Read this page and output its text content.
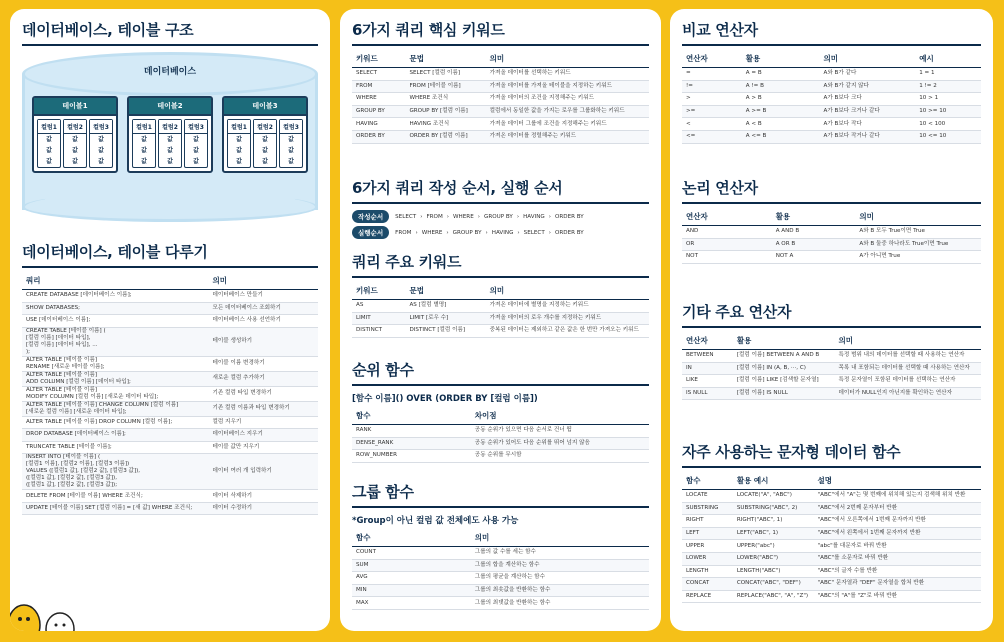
데이터베이스, 테이블 구조
데이터베이스
테이블1
컬럼1
값
값
값
컬럼2
값
값
값
컬럼3
값
값
값
테이블2
컬럼1
값
값
값
컬럼2
값
값
값
컬럼3
값
값
값
테이블3
컬럼1
값
값
값
컬럼2
값
값
값
컬럼3
값
값
값
데이터베이스, 테이블 다루기
쿼리	의미
CREATE DATABASE [데이터베이스 이름];	데이터베이스 만들기
SHOW DATABASES;	모든 데이터베이스 조회하기
USE [데이터베이스 이름];	데이터베이스 사용 선언하기
CREATE TABLE [테이블 이름] (
[컬럼 이름] [데이터 타입],
[컬럼 이름] [데이터 타입], ...
);	테이블 생성하기
ALTER TABLE [테이블 이름]
RENAME [새로운 테이블 이름];	테이블 이름 변경하기
ALTER TABLE [테이블 이름]
ADD COLUMN [컬럼 이름] [데이터 타입];	새로운 컬럼 추가하기
ALTER TABLE [테이블 이름]
MODIFY COLUMN [컬럼 이름] [새로운 데이터 타입];	기존 컬럼 타입 변경하기
ALTER TABLE [테이블 이름] CHANGE COLUMN [컬럼 이름]
[새로운 컬럼 이름] [새로운 데이터 타입];	기존 컬럼 이름과 타입 변경하기
ALTER TABLE [테이블 이름] DROP COLUMN [컬럼 이름];	컬럼 지우기
DROP DATABASE [데이터베이스 이름];	데이터베이스 지우기
TRUNCATE TABLE [테이블 이름];	테이블 값만 지우기
INSERT INTO [테이블 이름] (
[컬럼1 이름], [컬럼2 이름], [컬럼3 이름])
VALUES ([컬럼1 값], [컬럼2 값], [컬럼3 값]),
([컬럼1 값], [컬럼2 값], [컬럼3 값]),
([컬럼1 값], [컬럼2 값], [컬럼3 값]);	데이터 여러 개 입력하기
DELETE FROM [테이블 이름] WHERE 조건식;	데이터 삭제하기
UPDATE [테이블 이름] SET [컬럼 이름] = [새 값] WHERE 조건식;	데이터 수정하기
6가지 쿼리 핵심 키워드
키워드	문법	의미
SELECT	SELECT [컬럼 이름]	가져올 데이터를 선택하는 키워드
FROM	FROM [테이블 이름]	가져올 데이터를 가져올 테이블을 지정하는 키워드
WHERE	WHERE 조건식	가져올 데이터의 조건을 지정해주는 키워드
GROUP BY	GROUP BY [컬럼 이름]	컬럼에서 동일한 값을 가지는 로우를 그룹화하는 키워드
HAVING	HAVING 조건식	가져올 데이터 그룹에 조건을 지정해주는 키워드
ORDER BY	ORDER BY [컬럼 이름]	가져온 데이터를 정렬해주는 키워드
6가지 쿼리 작성 순서, 실행 순서
작성순서	SELECT › FROM › WHERE › GROUP BY › HAVING › ORDER BY
실행순서	FROM › WHERE › GROUP BY › HAVING › SELECT › ORDER BY
쿼리 주요 키워드
키워드	문법	의미
AS	AS [컬럼 별명]	가져온 데이터에 별명을 지정하는 키워드
LIMIT	LIMIT [로우 수]	가져올 데이터의 로우 개수를 지정하는 키워드
DISTINCT	DISTINCT [컬럼 이름]	중복된 데이터는 제외하고 같은 값은 한 번만 가져오는 키워드
순위 함수
[함수 이름]() OVER (ORDER BY [컬럼 이름])
함수	차이점
RANK	공동 순위가 있으면 다음 순서로 건너 뜀
DENSE_RANK	공동 순위가 있어도 다음 순위를 뛰어 넘지 않음
ROW_NUMBER	공동 순위를 무시함
그룹 함수
*Group이 아닌 컬럼 값 전체에도 사용 가능
함수	의미
COUNT	그룹의 값 수를 세는 함수
SUM	그룹의 합을 계산하는 함수
AVG	그룹의 평균을 계산하는 함수
MIN	그룹의 최솟값을 반환하는 함수
MAX	그룹의 최댓값을 반환하는 함수
비교 연산자
연산자	활용	의미	예시
=	A = B	A와 B가 같다	1 = 1
!=	A != B	A와 B가 같지 않다	1 != 2
>	A > B	A가 B보다 크다	10 > 1
>=	A >= B	A가 B보다 크거나 같다	10 >= 10
<	A < B	A가 B보다 작다	10 < 100
<=	A <= B	A가 B보다 작거나 같다	10 <= 10
논리 연산자
연산자	활용	의미
AND	A AND B	A와 B 모두 True이면 True
OR	A OR B	A와 B 둘중 하나라도 True이면 True
NOT	NOT A	A가 아니면 True
기타 주요 연산자
연산자	활용	의미
BETWEEN	[컬럼 이름] BETWEEN A AND B	특정 범위 내의 데이터를 선택할 때 사용하는 연산자
IN	[컬럼 이름] IN (A, B, ···, C)	목록 내 포함되는 데이터를 선택할 때 사용하는 연산자
LIKE	[컬럼 이름] LIKE [검색할 문자열]	특정 문자열이 포함된 데이터를 선택하는 연산자
IS NULL	[컬럼 이름] IS NULL	데이터가 NULL인지 아닌지를 확인하는 연산자
자주 사용하는 문자형 데이터 함수
함수	활용 예시	설명
LOCATE	LOCATE("A", "ABC")	"ABC"에서 "A"는 몇 번째에 위치해 있는지 검색해 위치 반환
SUBSTRING	SUBSTRING("ABC", 2)	"ABC"에서 2번째 문자부터 반환
RIGHT	RIGHT("ABC", 1)	"ABC"에서 오른쪽에서 1번째 문자까지 반환
LEFT	LEFT("ABC", 1)	"ABC"에서 왼쪽에서 1번째 문자까지 반환
UPPER	UPPER("abc")	"abc"를 대문자로 바꿔 반환
LOWER	LOWER("ABC")	"ABC"를 소문자로 바꿔 반환
LENGTH	LENGTH("ABC")	"ABC"의 글자 수를 반환
CONCAT	CONCAT("ABC", "DEF")	"ABC" 문자열과 "DEF" 문자열을 합쳐 반환
REPLACE	REPLACE("ABC", "A", "Z")	"ABC"의 "A"를 "Z"로 바꿔 반환
